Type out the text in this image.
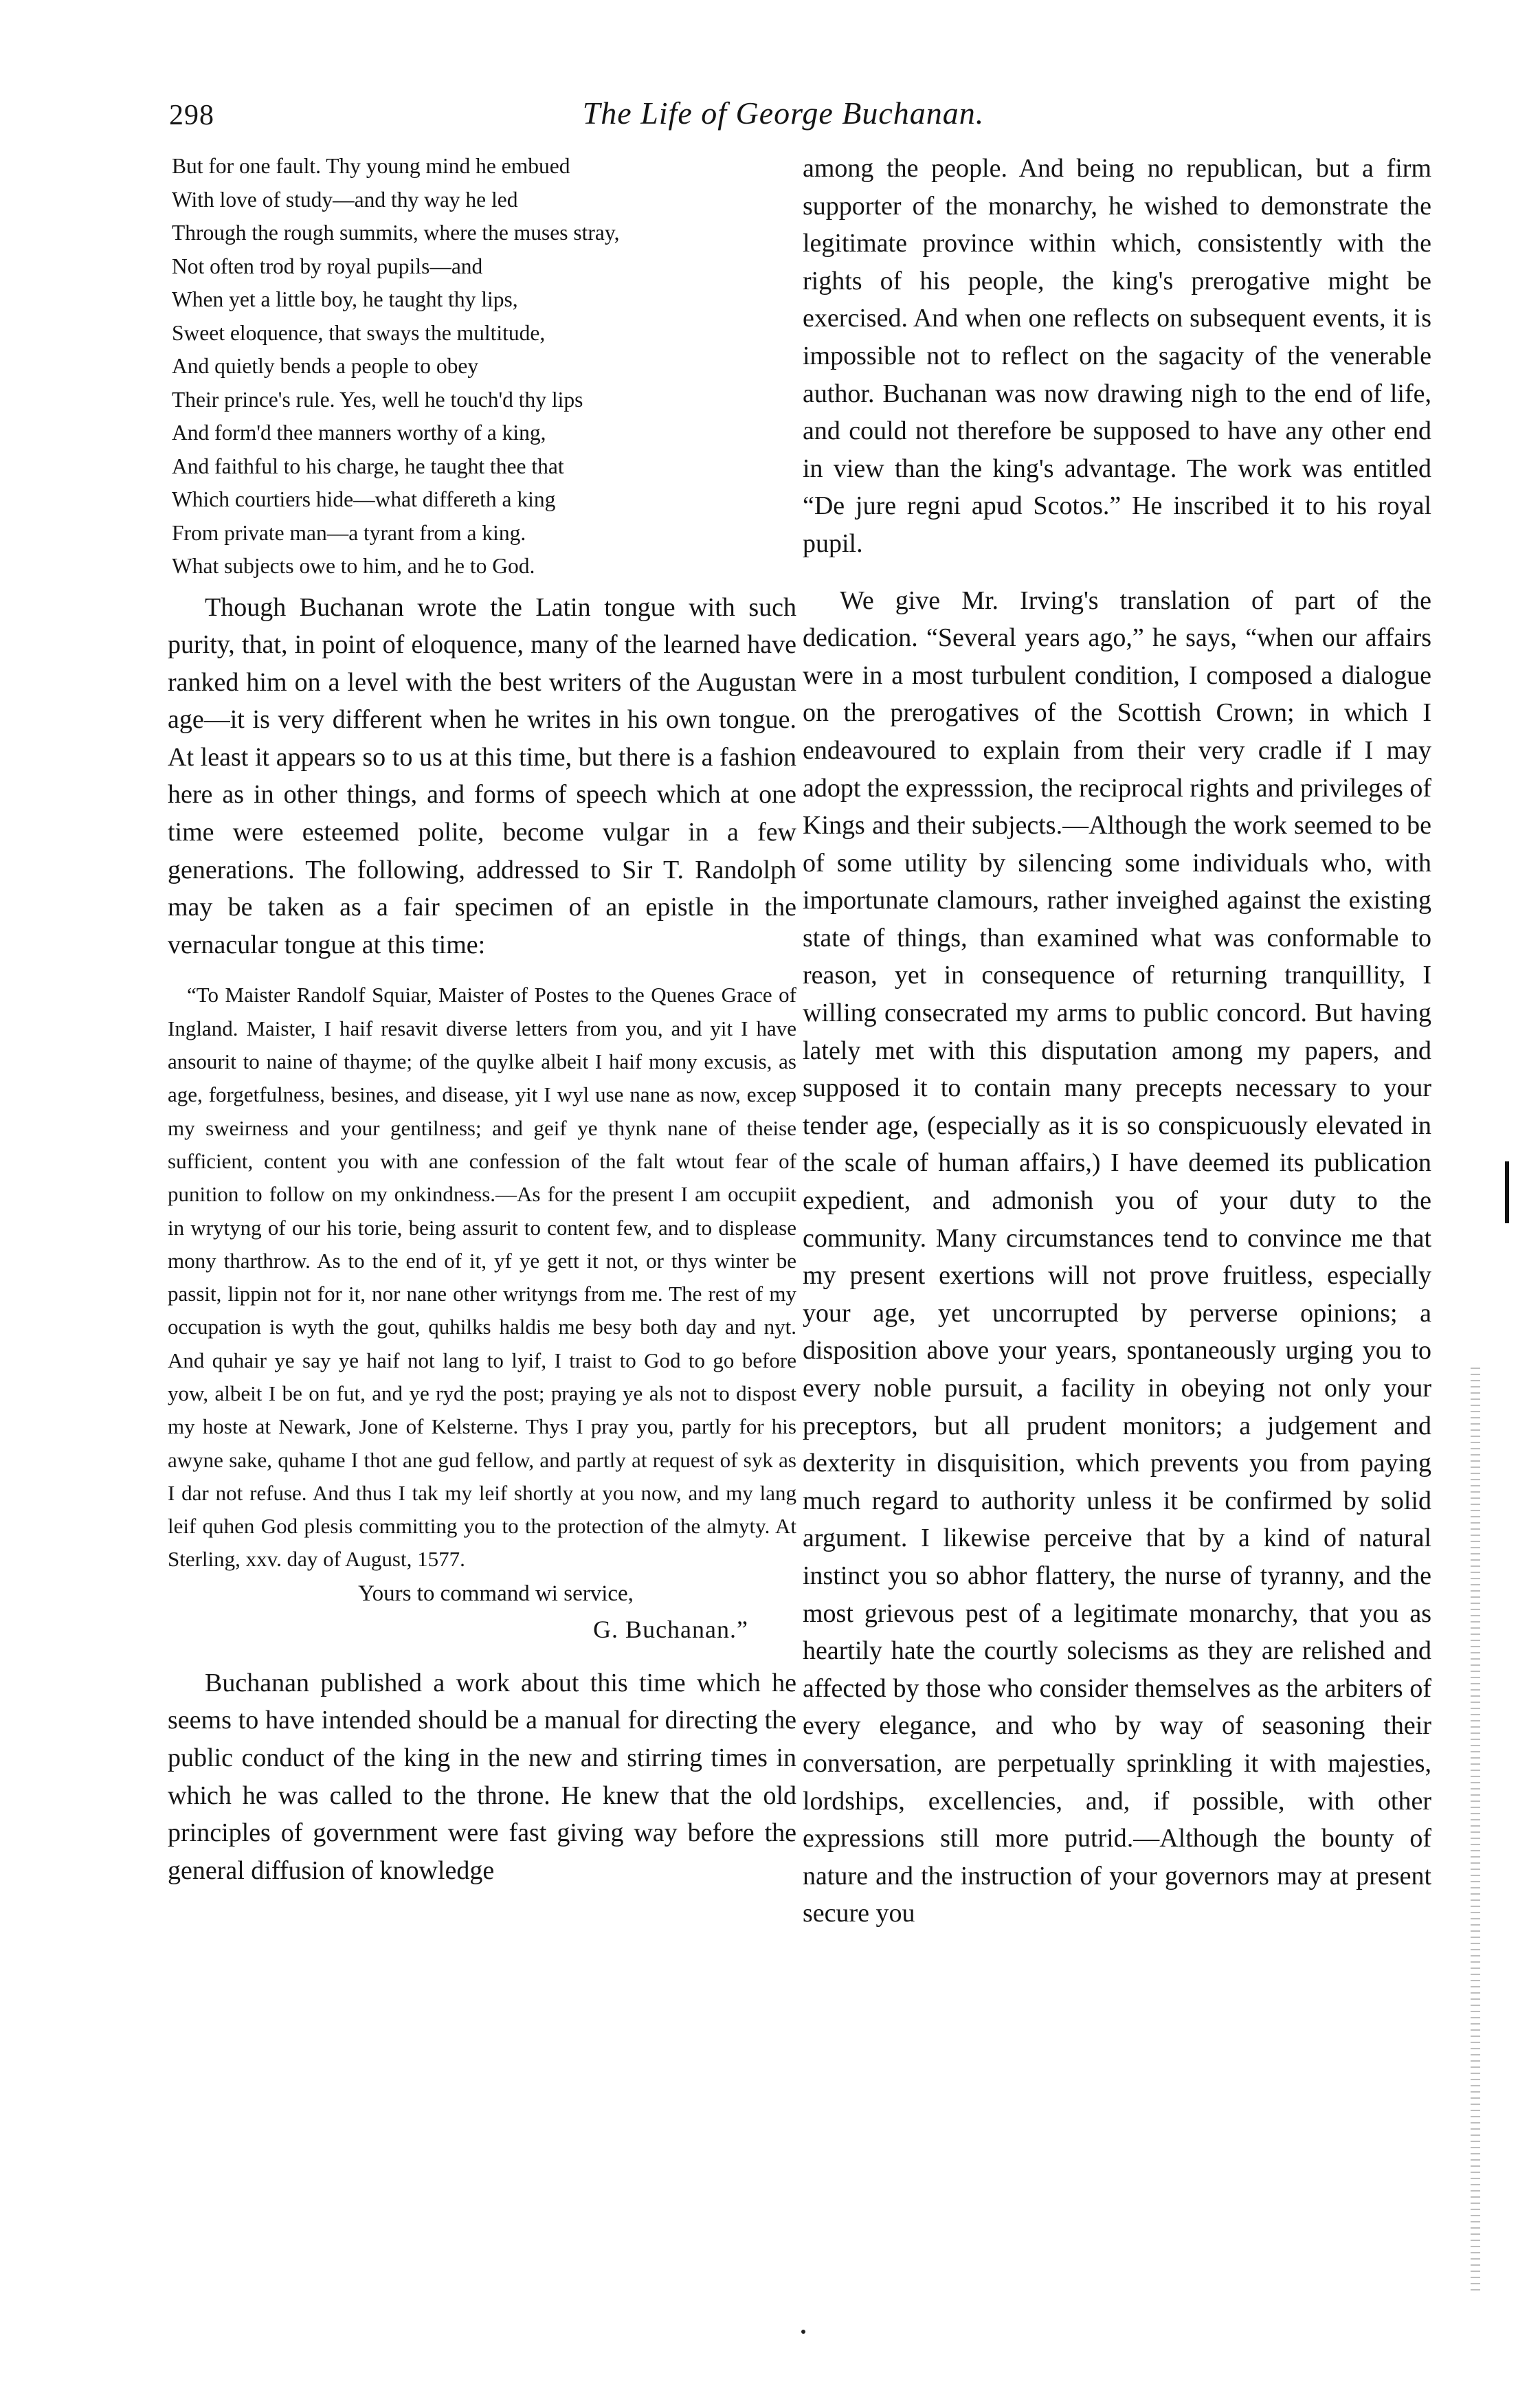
298	The Life of George Buchanan.
But for one fault. Thy young mind he embued
With love of study—and thy way he led
Through the rough summits, where the muses stray,
Not often trod by royal pupils—and
When yet a little boy, he taught thy lips,
Sweet eloquence, that sways the multitude,
And quietly bends a people to obey
Their prince's rule. Yes, well he touch'd thy lips
And form'd thee manners worthy of a king,
And faithful to his charge, he taught thee that
Which courtiers hide—what differeth a king
From private man—a tyrant from a king.
What subjects owe to him, and he to God.

Though Buchanan wrote the Latin tongue with such purity, that, in point of eloquence, many of the learned have ranked him on a level with the best writers of the Augustan age—it is very different when he writes in his own tongue. At least it appears so to us at this time, but there is a fashion here as in other things, and forms of speech which at one time were esteemed polite, become vulgar in a few generations. The following, addressed to Sir T. Randolph may be taken as a fair specimen of an epistle in the vernacular tongue at this time:

“To Maister Randolf Squiar, Maister of Postes to the Quenes Grace of Ingland. Maister, I haif resavit diverse letters from you, and yit I have ansourit to naine of thayme; of the quylke albeit I haif mony excusis, as age, forgetfulness, besines, and disease, yit I wyl use nane as now, excep my sweirness and your gentilness; and geif ye thynk nane of theise sufficient, content you with ane confession of the falt wtout fear of punition to follow on my onkindness.—As for the present I am occupiit in wrytyng of our his torie, being assurit to content few, and to displease mony tharthrow. As to the end of it, yf ye gett it not, or thys winter be passit, lippin not for it, nor nane other writyngs from me. The rest of my occupation is wyth the gout, quhilks haldis me besy both day and nyt. And quhair ye say ye haif not lang to lyif, I traist to God to go before yow, albeit I be on fut, and ye ryd the post; praying ye als not to dispost my hoste at Newark, Jone of Kelsterne. Thys I pray you, partly for his awyne sake, quhame I thot ane gud fellow, and partly at request of syk as I dar not refuse. And thus I tak my leif shortly at you now, and my lang leif quhen God plesis committing you to the protection of the almyty. At Sterling, xxv. day of August, 1577.

Yours to command wi service,

G. Buchanan.”

Buchanan published a work about this time which he seems to have intended should be a manual for directing the public conduct of the king in the new and stirring times in which he was called to the throne. He knew that the old principles of government were fast giving way before the general diffusion of knowledge

among the people. And being no republican, but a firm supporter of the monarchy, he wished to demonstrate the legitimate province within which, consistently with the rights of his people, the king's prerogative might be exercised. And when one reflects on subsequent events, it is impossible not to reflect on the sagacity of the venerable author. Buchanan was now drawing nigh to the end of life, and could not therefore be supposed to have any other end in view than the king's advantage. The work was entitled “De jure regni apud Scotos.” He inscribed it to his royal pupil.

We give Mr. Irving's translation of part of the dedication. “Several years ago,” he says, “when our affairs were in a most turbulent condition, I composed a dialogue on the prerogatives of the Scottish Crown; in which I endeavoured to explain from their very cradle if I may adopt the expresssion, the reciprocal rights and privileges of Kings and their subjects.—Although the work seemed to be of some utility by silencing some individuals who, with importunate clamours, rather inveighed against the existing state of things, than examined what was conformable to reason, yet in consequence of returning tranquillity, I willing consecrated my arms to public concord. But having lately met with this disputation among my papers, and supposed it to contain many precepts necessary to your tender age, (especially as it is so conspicuously elevated in the scale of human affairs,) I have deemed its publication expedient, and admonish you of your duty to the community. Many circumstances tend to convince me that my present exertions will not prove fruitless, especially your age, yet uncorrupted by perverse opinions; a disposition above your years, spontaneously urging you to every noble pursuit, a facility in obeying not only your preceptors, but all prudent monitors; a judgement and dexterity in disquisition, which prevents you from paying much regard to authority unless it be confirmed by solid argument. I likewise perceive that by a kind of natural instinct you so abhor flattery, the nurse of tyranny, and the most grievous pest of a legitimate monarchy, that you as heartily hate the courtly solecisms as they are relished and affected by those who consider themselves as the arbiters of every elegance, and who by way of seasoning their conversation, are perpetually sprinkling it with majesties, lordships, excellencies, and, if possible, with other expressions still more putrid.—Although the bounty of nature and the instruction of your governors may at present secure you
